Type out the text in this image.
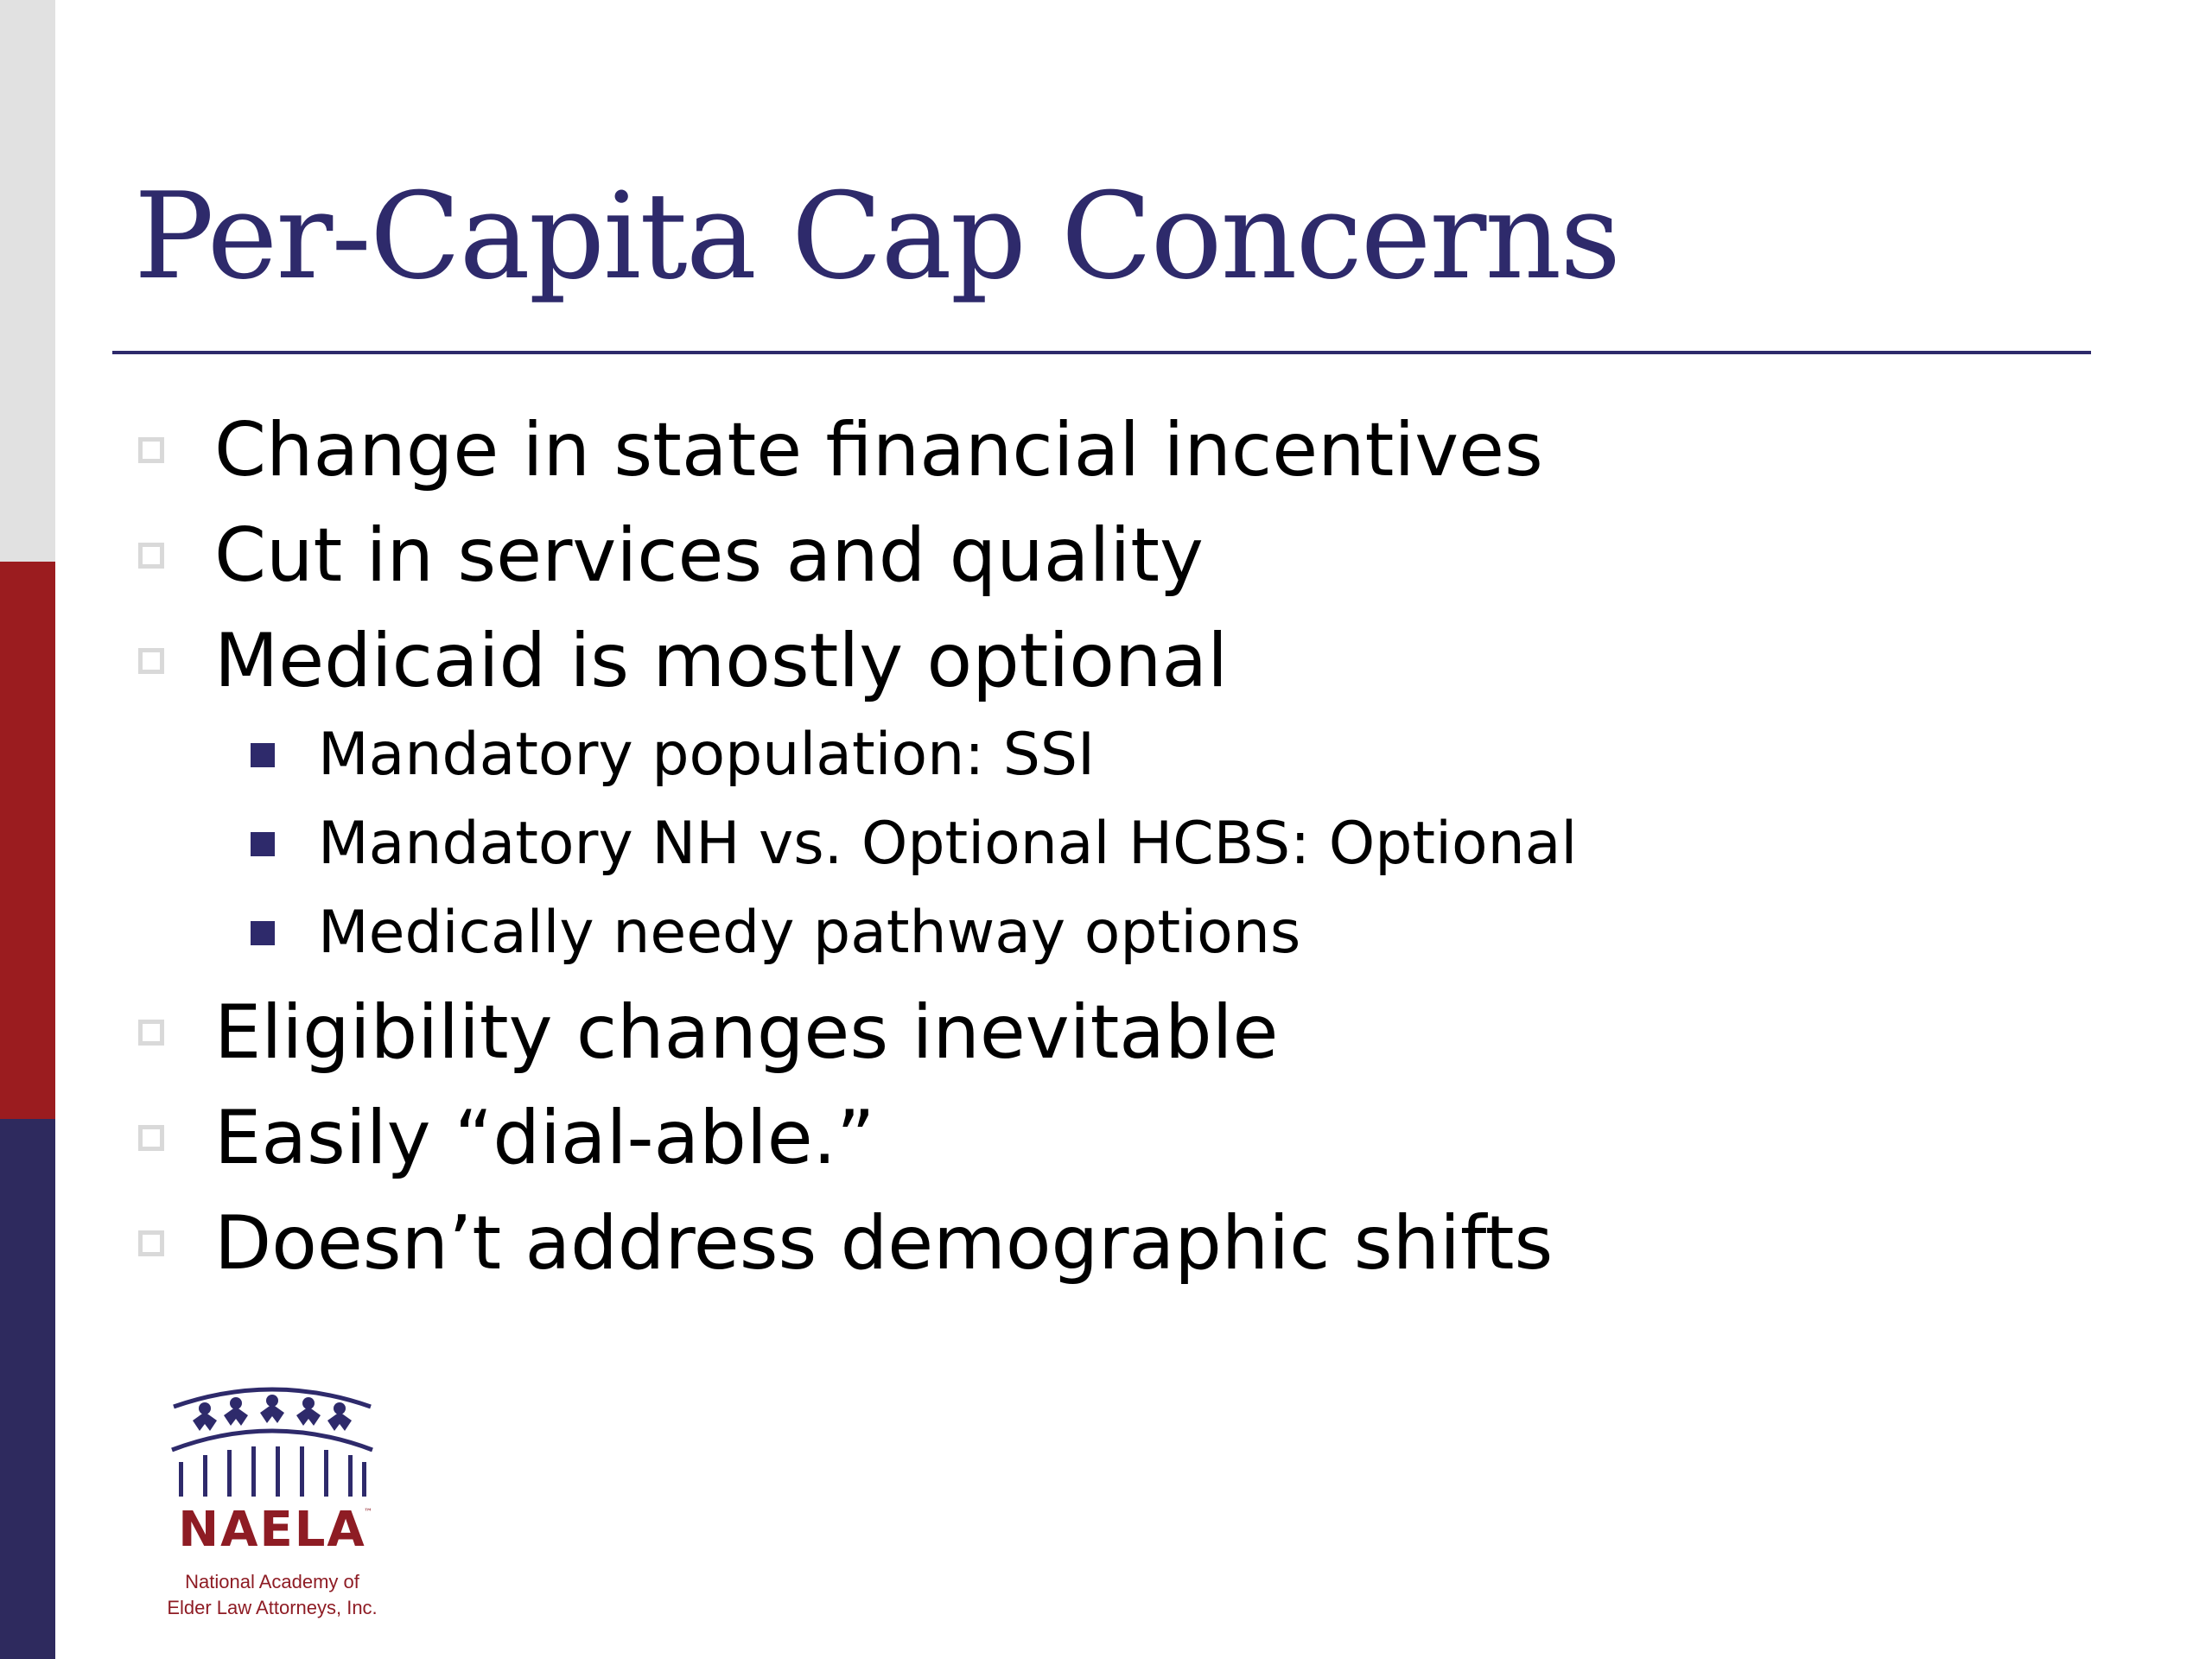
Per-Capita Cap Concerns
Change in state financial incentives
Cut in services and quality
Medicaid is mostly optional
Mandatory population: SSI
Mandatory NH vs. Optional HCBS: Optional
Medically needy pathway options
Eligibility changes inevitable
Easily “dial-able.”
Doesn’t address demographic shifts
NAELA
™
National Academy of
Elder Law Attorneys, Inc.
